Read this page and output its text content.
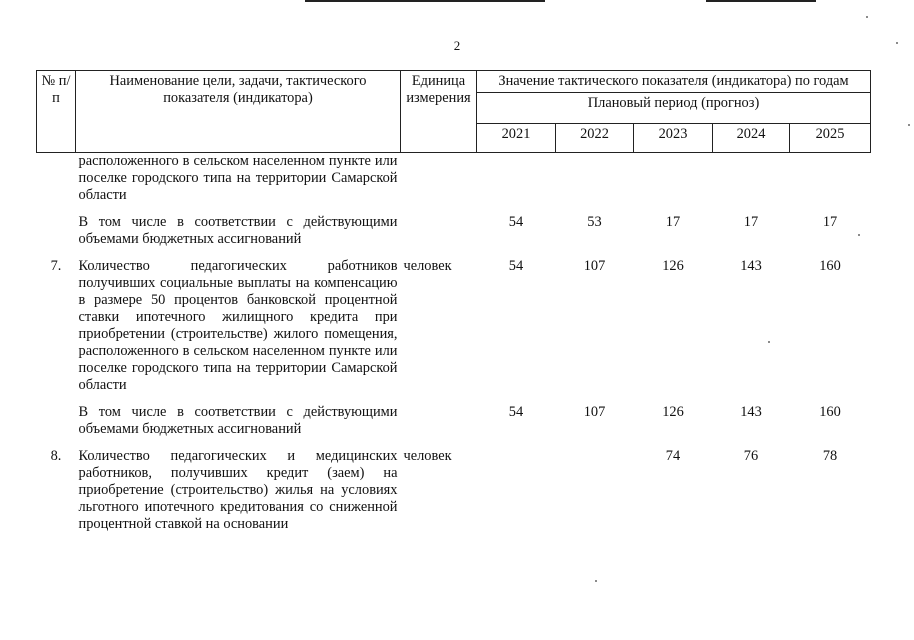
2
№ п/п	Наименование цели, задачи, тактического показателя (индикатора)	Единица измерения	Значение тактического показателя (индикатора) по годам				
			Плановый период (прогноз)				
			2021	2022	2023	2024	2025
	расположенного в сельском населенном пункте или поселке городского типа на территории Самарской области						

	В том числе в соответствии с действующими объемами бюджетных ассигнований		54	53	17	17	17

7.	Количество педагогических работников получивших социальные выплаты на компенсацию в размере 50 процентов банковской процентной ставки ипотечного жилищного кредита при приобретении (строительстве) жилого помещения, расположенного в сельском населенном пункте или поселке городского типа на территории Самарской области	человек	54	107	126	143	160

	В том числе в соответствии с действующими объемами бюджетных ассигнований		54	107	126	143	160

8.	Количество педагогических и медицинских работников, получивших кредит (заем) на приобретение (строительство) жилья на условиях льготного ипотечного кредитования со сниженной процентной ставкой на основании	человек			74	76	78
